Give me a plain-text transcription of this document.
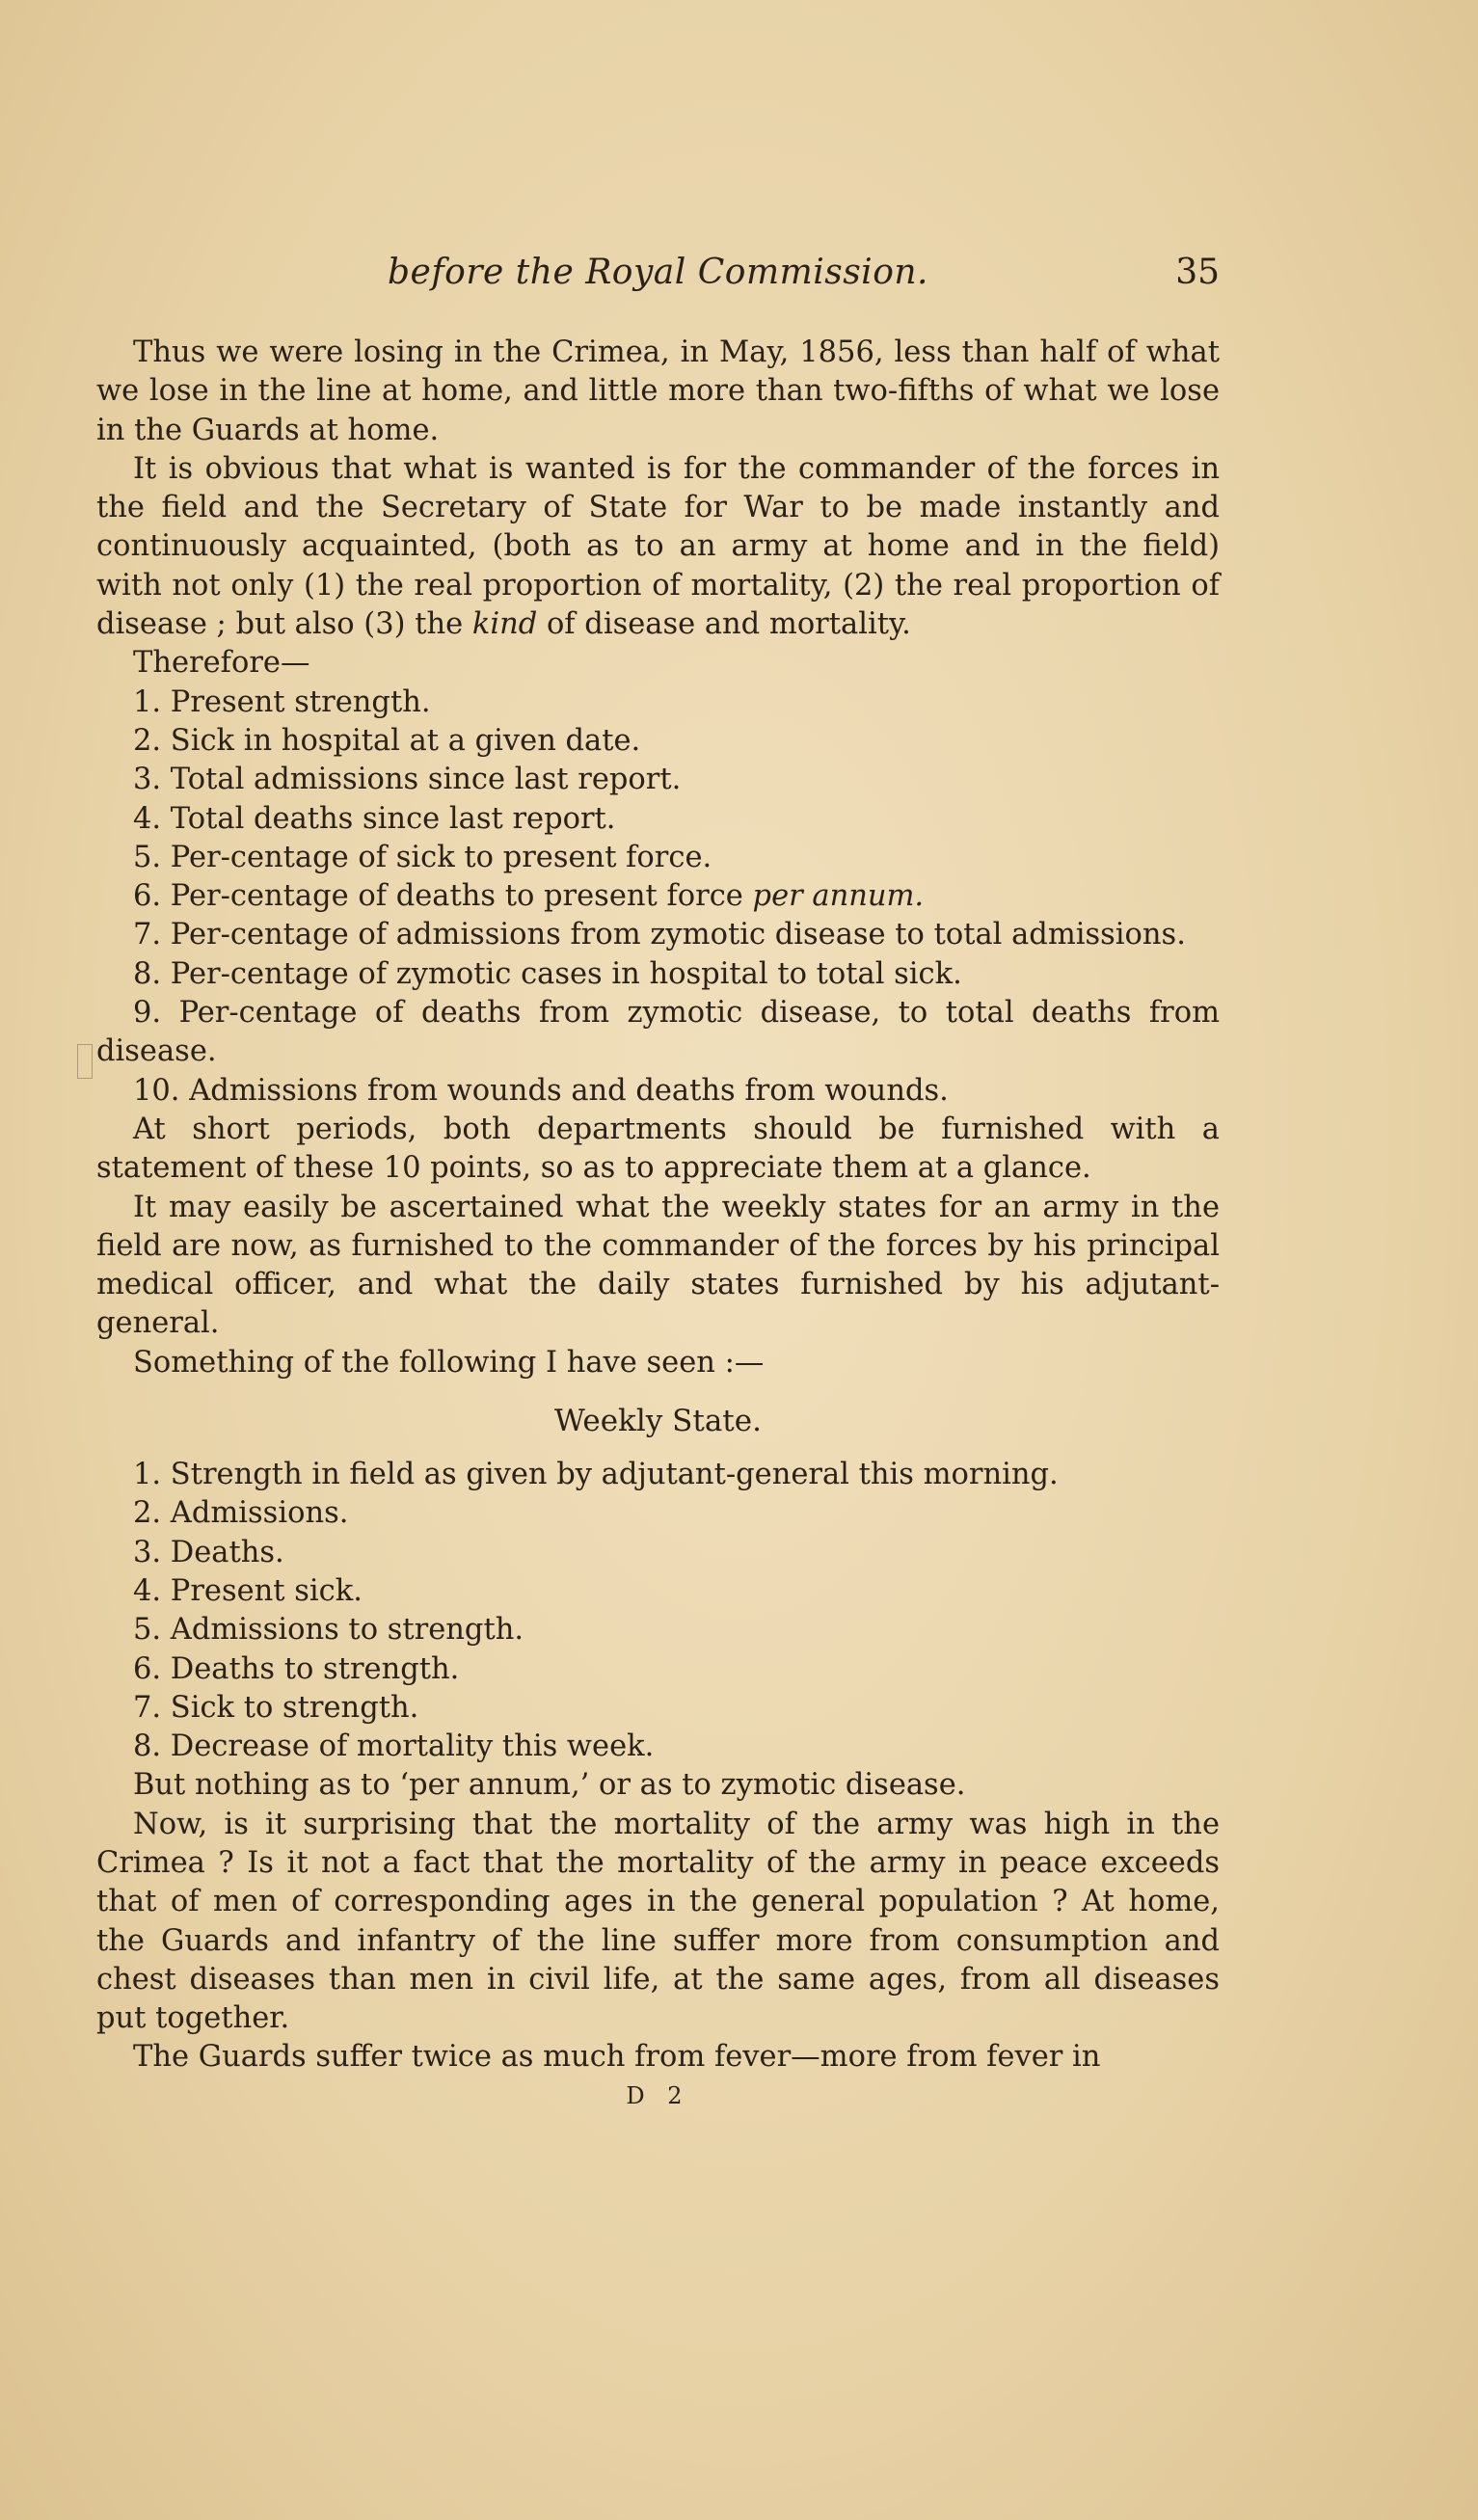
before the Royal Commission.	35

Thus we were losing in the Crimea, in May, 1856, less than half of what we lose in the line at home, and little more than two-fifths of what we lose in the Guards at home.

It is obvious that what is wanted is for the commander of the forces in the field and the Secretary of State for War to be made instantly and continuously acquainted, (both as to an army at home and in the field) with not only (1) the real proportion of mortality, (2) the real proportion of disease ; but also (3) the kind of disease and mortality.

Therefore—

1. Present strength.

2. Sick in hospital at a given date.

3. Total admissions since last report.

4. Total deaths since last report.

5. Per-centage of sick to present force.

6. Per-centage of deaths to present force per annum.

7. Per-centage of admissions from zymotic disease to total admissions.

8. Per-centage of zymotic cases in hospital to total sick.

9. Per-centage of deaths from zymotic disease, to total deaths from disease.

10. Admissions from wounds and deaths from wounds.

At short periods, both departments should be furnished with a statement of these 10 points, so as to appreciate them at a glance.

It may easily be ascertained what the weekly states for an army in the field are now, as furnished to the commander of the forces by his principal medical officer, and what the daily states furnished by his adjutant-general.

Something of the following I have seen :—

Weekly State.

1. Strength in field as given by adjutant-general this morning.

2. Admissions.

3. Deaths.

4. Present sick.

5. Admissions to strength.

6. Deaths to strength.

7. Sick to strength.

8. Decrease of mortality this week.

But nothing as to ‘per annum,’ or as to zymotic disease.

Now, is it surprising that the mortality of the army was high in the Crimea ? Is it not a fact that the mortality of the army in peace exceeds that of men of corresponding ages in the general population ? At home, the Guards and infantry of the line suffer more from consumption and chest diseases than men in civil life, at the same ages, from all diseases put together.

The Guards suffer twice as much from fever—more from fever in

D 2
